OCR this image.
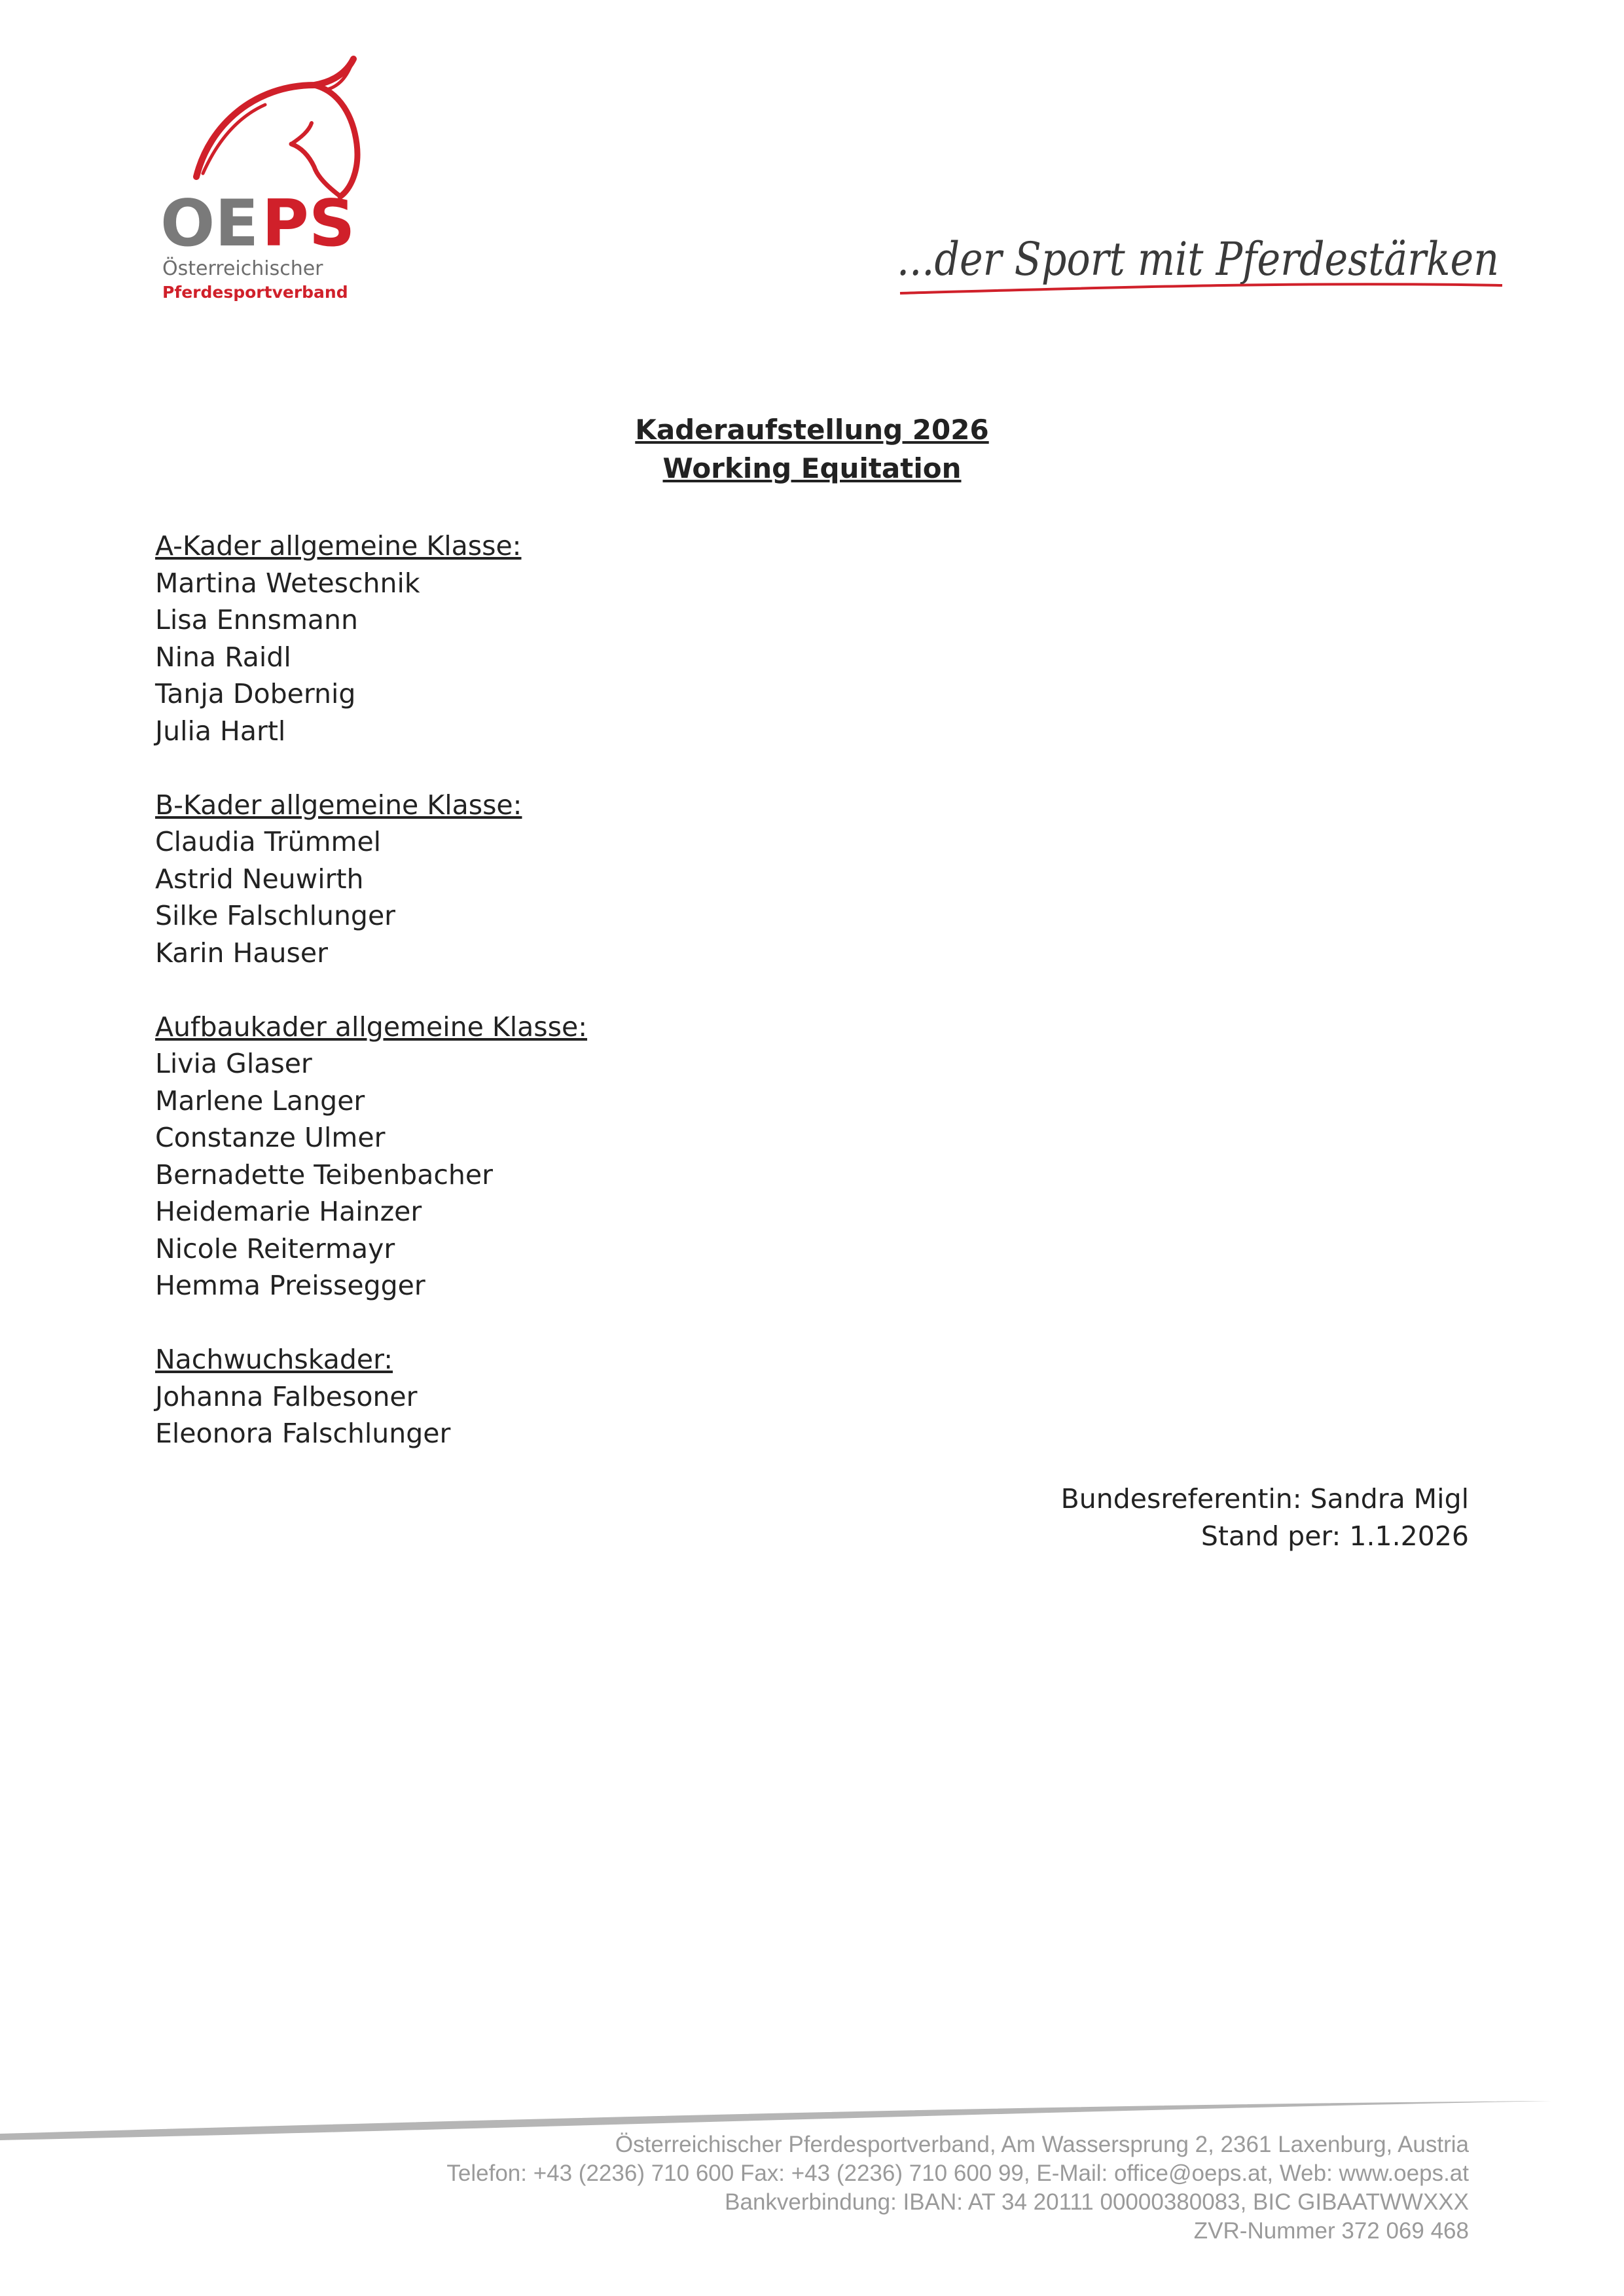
OE PS
Österreichischer
Pferdesportverband
...der Sport mit Pferdestärken
Kaderaufstellung 2026
Working Equitation
A-Kader allgemeine Klasse:
Martina Weteschnik
Lisa Ennsmann
Nina Raidl
Tanja Dobernig
Julia Hartl
B-Kader allgemeine Klasse:
Claudia Trümmel
Astrid Neuwirth
Silke Falschlunger
Karin Hauser
Aufbaukader allgemeine Klasse:
Livia Glaser
Marlene Langer
Constanze Ulmer
Bernadette Teibenbacher
Heidemarie Hainzer
Nicole Reitermayr
Hemma Preissegger
Nachwuchskader:
Johanna Falbesoner
Eleonora Falschlunger
Bundesreferentin: Sandra Migl
Stand per: 1.1.2026
Österreichischer Pferdesportverband, Am Wassersprung 2, 2361 Laxenburg, Austria
Telefon: +43 (2236) 710 600 Fax: +43 (2236) 710 600 99, E-Mail: office@oeps.at, Web: www.oeps.at
Bankverbindung: IBAN: AT 34 20111 00000380083, BIC GIBAATWWXXX
ZVR-Nummer 372 069 468
